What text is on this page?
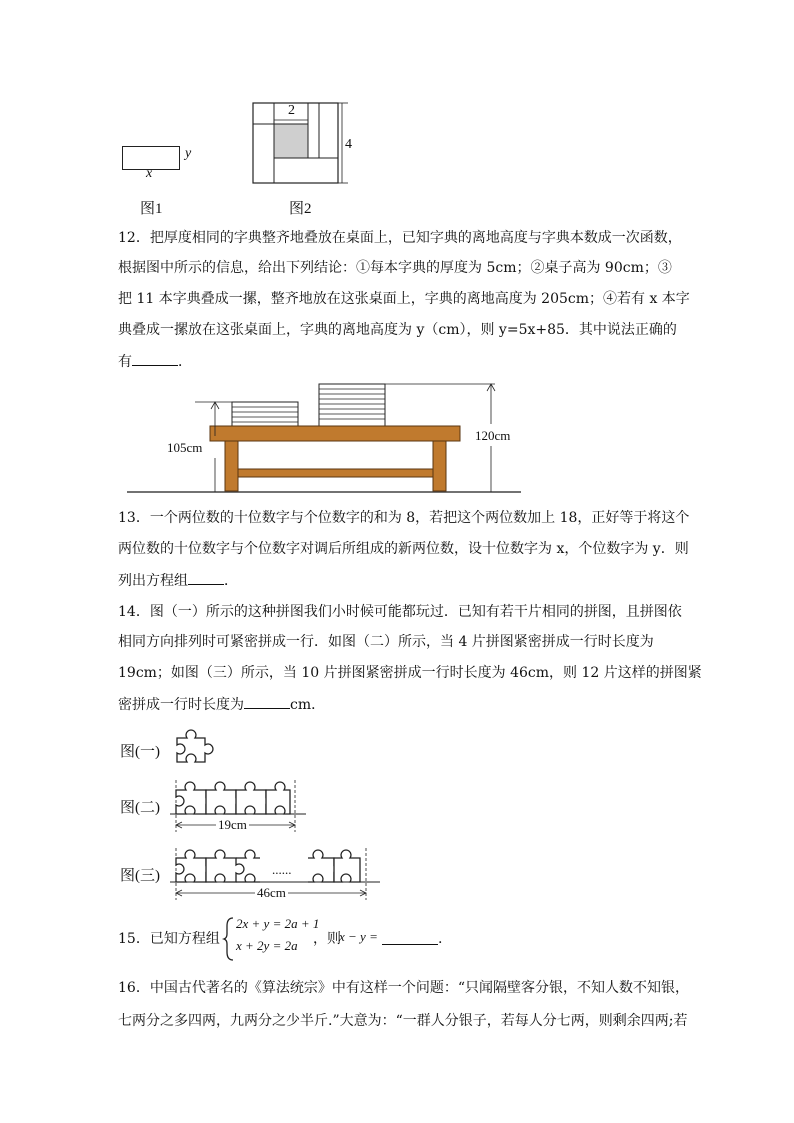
y
x
图1
2
4
图2
12．把厚度相同的字典整齐地叠放在桌面上，已知字典的离地高度与字典本数成一次函数，
根据图中所示的信息，给出下列结论：①每本字典的厚度为 5cm；②桌子高为 90cm；③
把 11 本字典叠成一摞，整齐地放在这张桌面上，字典的离地高度为 205cm；④若有 x 本字
典叠成一摞放在这张桌面上，字典的离地高度为 y（cm），则 y=5x+85．其中说法正确的
有	．
105cm
120cm
13．一个两位数的十位数字与个位数字的和为 8，若把这个两位数加上 18，正好等于将这个
两位数的十位数字与个位数字对调后所组成的新两位数，设十位数字为 x，个位数字为 y．则
列出方程组	．
14．图（一）所示的这种拼图我们小时候可能都玩过．已知有若干片相同的拼图，且拼图依
相同方向排列时可紧密拼成一行．如图（二）所示，当 4 片拼图紧密拼成一行时长度为
19cm；如图（三）所示，当 10 片拼图紧密拼成一行时长度为 46cm，则 12 片这样的拼图紧
密拼成一行时长度为	cm．
图(一)
图(二)
19cm
图(三)	......
46cm
15．已知方程组
2x + y = 2a + 1
x + 2y = 2a ，则
x − y =	.
16．中国古代著名的《算法统宗》中有这样一个问题：“只闻隔壁客分银，不知人数不知银，
七两分之多四两，九两分之少半斤.”大意为：“一群人分银子，若每人分七两，则剩余四两;若
